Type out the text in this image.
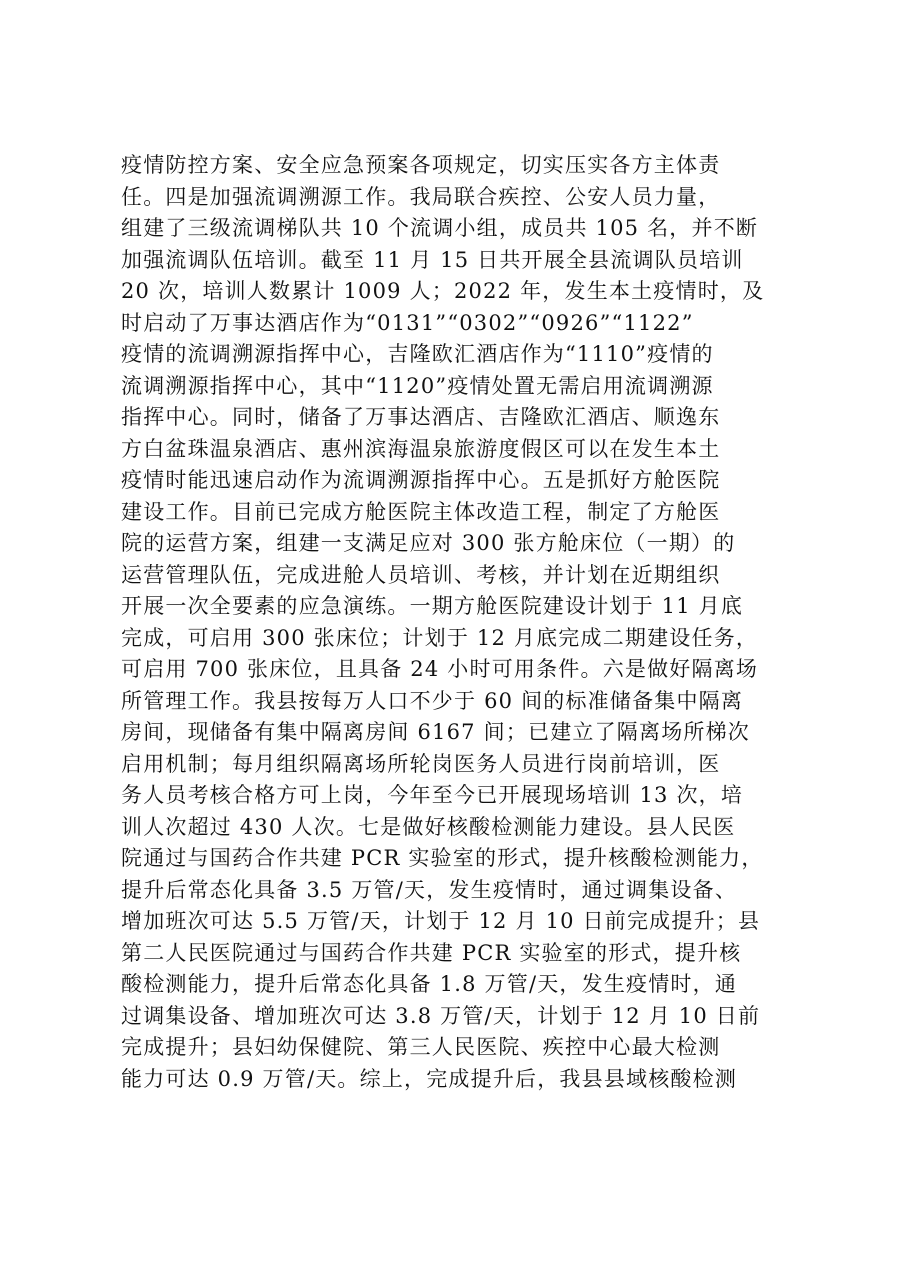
疫情防控方案、安全应急预案各项规定，切实压实各方主体责
任。四是加强流调溯源工作。我局联合疾控、公安人员力量，
组建了三级流调梯队共 10 个流调小组，成员共 105 名，并不断
加强流调队伍培训。截至 11 月 15 日共开展全县流调队员培训
20 次，培训人数累计 1009 人；2022 年，发生本土疫情时，及
时启动了万事达酒店作为“0131”“0302”“0926”“1122”
疫情的流调溯源指挥中心，吉隆欧汇酒店作为“1110”疫情的
流调溯源指挥中心，其中“1120”疫情处置无需启用流调溯源
指挥中心。同时，储备了万事达酒店、吉隆欧汇酒店、顺逸东
方白盆珠温泉酒店、惠州滨海温泉旅游度假区可以在发生本土
疫情时能迅速启动作为流调溯源指挥中心。五是抓好方舱医院
建设工作。目前已完成方舱医院主体改造工程，制定了方舱医
院的运营方案，组建一支满足应对 300 张方舱床位（一期）的
运营管理队伍，完成进舱人员培训、考核，并计划在近期组织
开展一次全要素的应急演练。一期方舱医院建设计划于 11 月底
完成，可启用 300 张床位；计划于 12 月底完成二期建设任务，
可启用 700 张床位，且具备 24 小时可用条件。六是做好隔离场
所管理工作。我县按每万人口不少于 60 间的标准储备集中隔离
房间，现储备有集中隔离房间 6167 间；已建立了隔离场所梯次
启用机制；每月组织隔离场所轮岗医务人员进行岗前培训，医
务人员考核合格方可上岗，今年至今已开展现场培训 13 次，培
训人次超过 430 人次。七是做好核酸检测能力建设。县人民医
院通过与国药合作共建 PCR 实验室的形式，提升核酸检测能力，
提升后常态化具备 3.5 万管/天，发生疫情时，通过调集设备、
增加班次可达 5.5 万管/天，计划于 12 月 10 日前完成提升；县
第二人民医院通过与国药合作共建 PCR 实验室的形式，提升核
酸检测能力，提升后常态化具备 1.8 万管/天，发生疫情时，通
过调集设备、增加班次可达 3.8 万管/天，计划于 12 月 10 日前
完成提升；县妇幼保健院、第三人民医院、疾控中心最大检测
能力可达 0.9 万管/天。综上，完成提升后，我县县域核酸检测
